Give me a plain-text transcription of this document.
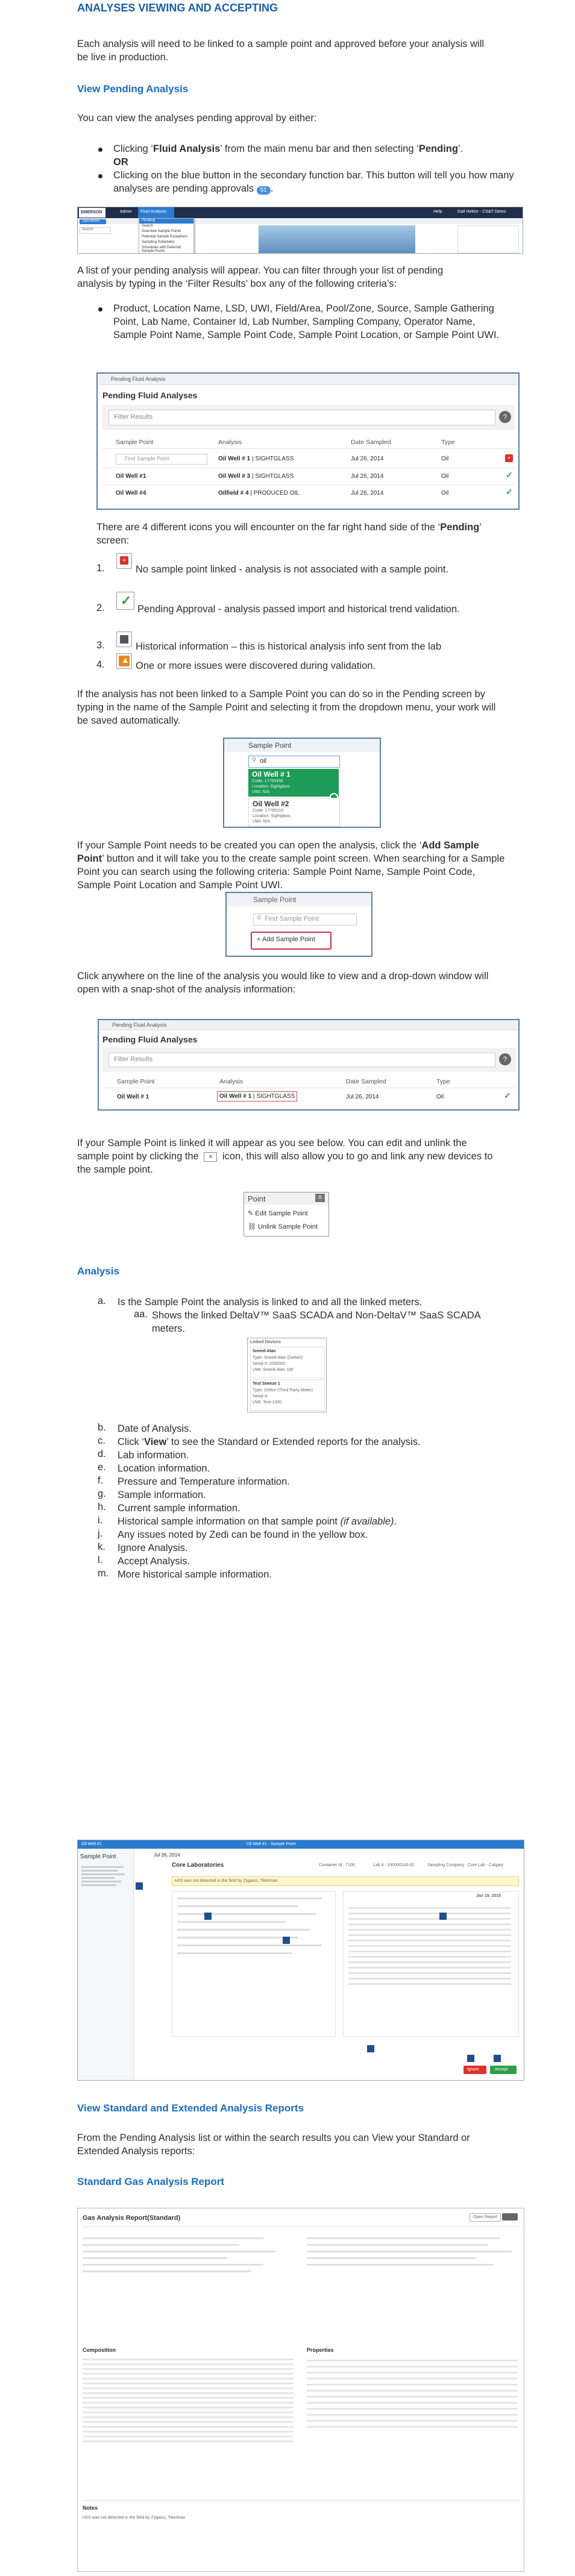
ANALYSES VIEWING AND ACCEPTING
Each analysis will need to be linked to a sample point and approved before your analysis will be live in production.
View Pending Analysis
You can view the analyses pending approval by either:
Clicking ‘Fluid Analysis’ from the main menu bar and then selecting ‘Pending’.
OR
Clicking on the blue button in the secondary function bar. This button will tell you how many analyses are pending approvals 51 .
EMERSON	Admin Fluid Analysis	Help	Gail Hektor - CS&T Demo
Operations
Search
Pending
Search
Overview Sample Points
Potential Sample Exceptions
Sampling Schedules
Schedules with Deferred Sample Points
A list of your pending analysis will appear. You can filter through your list of pending analysis by typing in the ‘Filter Results’ box any of the following criteria’s:
Product, Location Name, LSD, UWI, Field/Area, Pool/Zone, Source, Sample Gathering Point, Lab Name, Container Id, Lab Number, Sampling Company, Operator Name, Sample Point Name, Sample Point Code, Sample Point Location, or Sample Point UWI.
Pending Fluid Analysis
Pending Fluid Analyses
Filter Results	?
Sample Point	Analysis	Date Sampled	Type
Find Sample Point	Oil Well # 1 | SIGHTGLASS	Jul 26, 2014	Oil	+
Oil Well #1	Oil Well # 3 | SIGHTGLASS	Jul 26, 2014	Oil	✓
Oil Well #4	Oilfield # 4 | PRODUCED OIL	Jul 26, 2014	Oil	✓
There are 4 different icons you will encounter on the far right hand side of the ‘Pending’ screen:
1.
+
No sample point linked - analysis is not associated with a sample point.
2. ✓
Pending Approval - analysis passed import and historical trend validation.
3.	Historical information – this is historical analysis info sent from the lab
4. ▲
One or more issues were discovered during validation.
If the analysis has not been linked to a Sample Point you can do so in the Pending screen by typing in the name of the Sample Point and selecting it from the dropdown menu, your work will be saved automatically.
Sample Point
⚲ oil
Oil Well # 1
Code: 17765456
Location: Sightglass
UWI: N/A
Oil Well #2
Code: 17765110
Location: Sightglass
UWI: N/A
If your Sample Point needs to be created you can open the analysis, click the ‘Add Sample Point’ button and it will take you to the create sample point screen. When searching for a Sample Point you can search using the following criteria: Sample Point Name, Sample Point Code, Sample Point Location and Sample Point UWI.
Sample Point
⚲ Find Sample Point
+ Add Sample Point
Click anywhere on the line of the analysis you would like to view and a drop-down window will open with a snap-shot of the analysis information:
Pending Fluid Analysis
Pending Fluid Analyses
Filter Results	?
Sample Point	Analysis	Date Sampled	Type
Oil Well # 1	Oil Well # 1 | SIGHTGLASS	Jul 26, 2014	Oil	✓
If your Sample Point is linked it will appear as you see below. You can edit and unlink the sample point by clicking the ≡ icon, this will also allow you to go and link any new devices to the sample point.
Point	≡
✎ Edit Sample Point
⛓ Unlink Sample Point
Analysis
a. Is the Sample Point the analysis is linked to and all the linked meters.
aa. Shows the linked DeltaV™ SaaS SCADA and Non-DeltaV™ SaaS SCADA meters.
Linked Devices
Sneed-Alan
Type: Sneed-Alan (DeltaV)
Serial #: 2030002
UWI: Sneed-Alan 100
Test Sneeze 1
Type: Orifice (Third Party Meter)
Serial #:
UWI: Test-1000
b. Date of Analysis.
c. Click ‘View’ to see the Standard or Extended reports for the analysis.
d. Lab information.
e. Location information.
f. Pressure and Temperature information.
g. Sample information.
h. Current sample information.
i. Historical sample information on that sample point (if available).
j. Any issues noted by Zedi can be found in the yellow box.
k. Ignore Analysis.
l. Accept Analysis.
m. More historical sample information.
Oil Well #1	Oil Well #1 - Sample Point
Sample Point	Jul 26, 2014
Core Laboratories	Container Id : 7106	Lab # : 100000243-01	Sampling Company : Core Lab - Calgary
H2S was not detected in the field by Zygaiss, Tikerman
Jan 15, 2015
Ignore	Accept
View Standard and Extended Analysis Reports
From the Pending Analysis list or within the search results you can View your Standard or Extended Analysis reports:
Standard Gas Analysis Report
Gas Analysis Report(Standard)	Open Report
Composition	Properties
Notes
H2S was not detected in the field by Zygaiss, Tikerman
